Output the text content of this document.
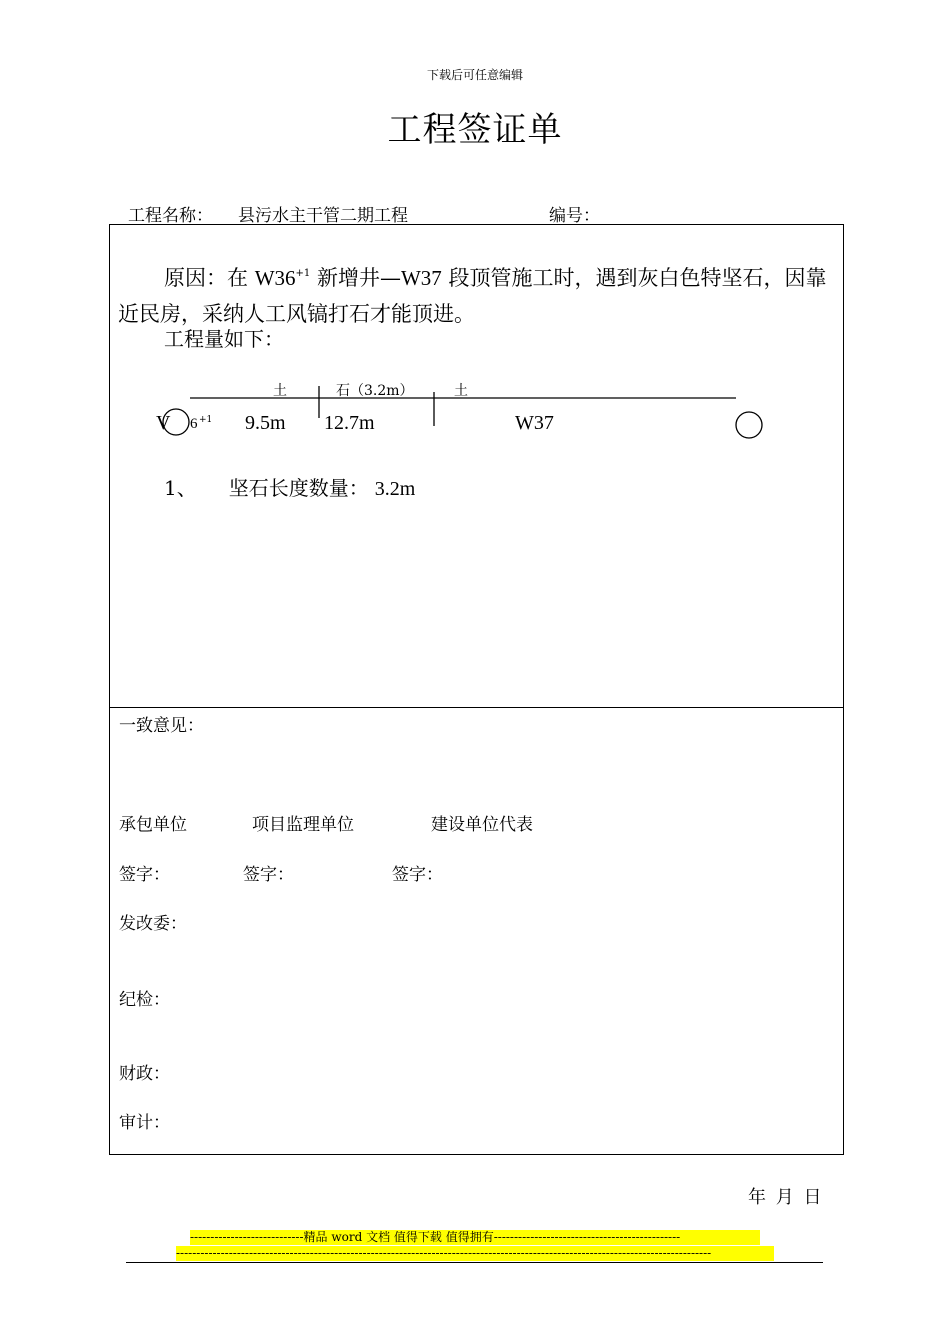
下载后可任意编辑
工程签证单
工程名称： 县污水主干管二期工程	编号：
原因：在 $W36^{+1}$ 新增井—W37 段顶管施工时，遇到灰白色特坚石，因靠近民房，采纳人工风镐打石才能顶进。
工程量如下：
土	石（3.2m）	土
V 6 +1 9.5m 12.7m	W37
1、 坚石长度数量： 3.2m
一致意见：
承包单位	项目监理单位	建设单位代表
签字：	签字：	签字：
发改委：
纪检：
财政：
审计：
年 月 日
----------------------------精品 word 文档 值得下载 值得拥有----------------------------------------------
------------------------------------------------------------------------------------------------------------------------------------
